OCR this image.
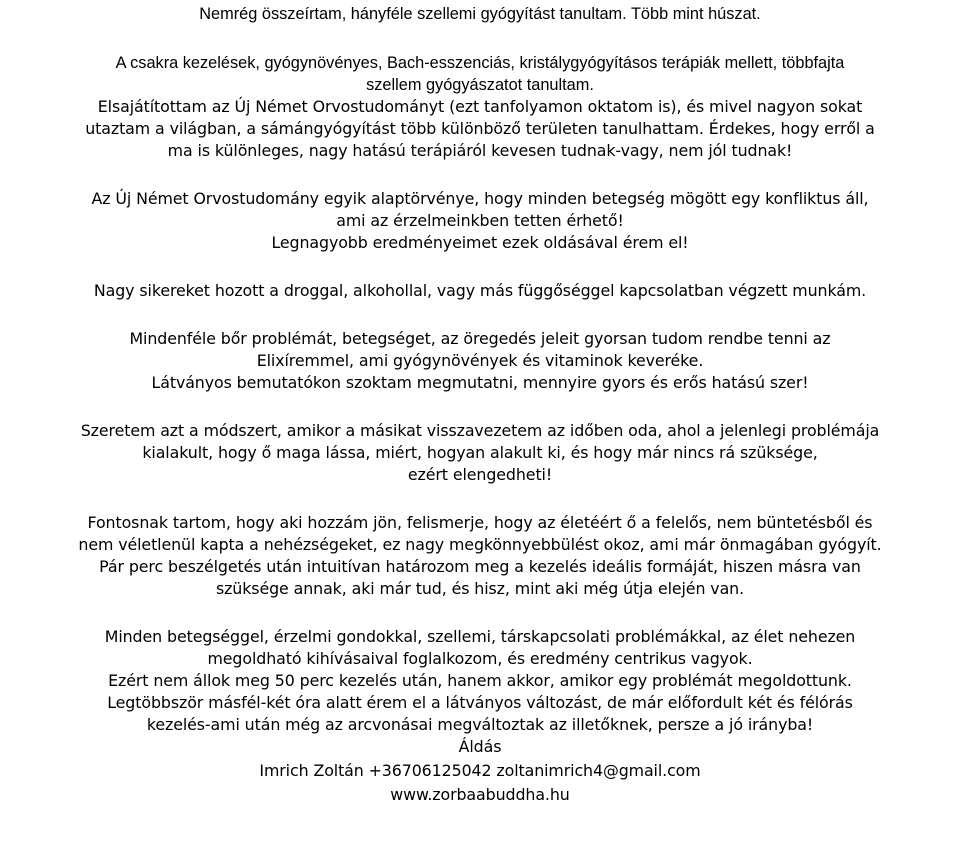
Nemrég összeírtam, hányféle szellemi gyógyítást tanultam. Több mint húszat.
A csakra kezelések, gyógynövényes, Bach-esszenciás, kristálygyógyításos terápiák mellett, többfajta
szellem gyógyászatot tanultam.
Elsajátítottam az Új Német Orvostudományt (ezt tanfolyamon oktatom is), és mivel nagyon sokat
utaztam a világban, a sámángyógyítást több különböző területen tanulhattam. Érdekes, hogy erről a
ma is különleges, nagy hatású terápiáról kevesen tudnak-vagy, nem jól tudnak!
Az Új Német Orvostudomány egyik alaptörvénye, hogy minden betegség mögött egy konfliktus áll,
ami az érzelmeinkben tetten érhető!
Legnagyobb eredményeimet ezek oldásával érem el!
Nagy sikereket hozott a droggal, alkohollal, vagy más függőséggel kapcsolatban végzett munkám.
Mindenféle bőr problémát, betegséget, az öregedés jeleit gyorsan tudom rendbe tenni az
Elixíremmel, ami gyógynövények és vitaminok keveréke.
Látványos bemutatókon szoktam megmutatni, mennyire gyors és erős hatású szer!
Szeretem azt a módszert, amikor a másikat visszavezetem az időben oda, ahol a jelenlegi problémája
kialakult, hogy ő maga lássa, miért, hogyan alakult ki, és hogy már nincs rá szüksége,
ezért elengedheti!
Fontosnak tartom, hogy aki hozzám jön, felismerje, hogy az életéért ő a felelős, nem büntetésből és
nem véletlenül kapta a nehézségeket, ez nagy megkönnyebbülést okoz, ami már önmagában gyógyít.
Pár perc beszélgetés után intuitívan határozom meg a kezelés ideális formáját, hiszen másra van
szüksége annak, aki már tud, és hisz, mint aki még útja elején van.
Minden betegséggel, érzelmi gondokkal, szellemi, társkapcsolati problémákkal, az élet nehezen
megoldható kihívásaival foglalkozom, és eredmény centrikus vagyok.
Ezért nem állok meg 50 perc kezelés után, hanem akkor, amikor egy problémát megoldottunk.
Legtöbbször másfél-két óra alatt érem el a látványos változást, de már előfordult két és félórás
kezelés-ami után még az arcvonásai megváltoztak az illetőknek, persze a jó irányba!
Áldás
Imrich Zoltán +36706125042 zoltanimrich4@gmail.com
www.zorbaabuddha.hu
